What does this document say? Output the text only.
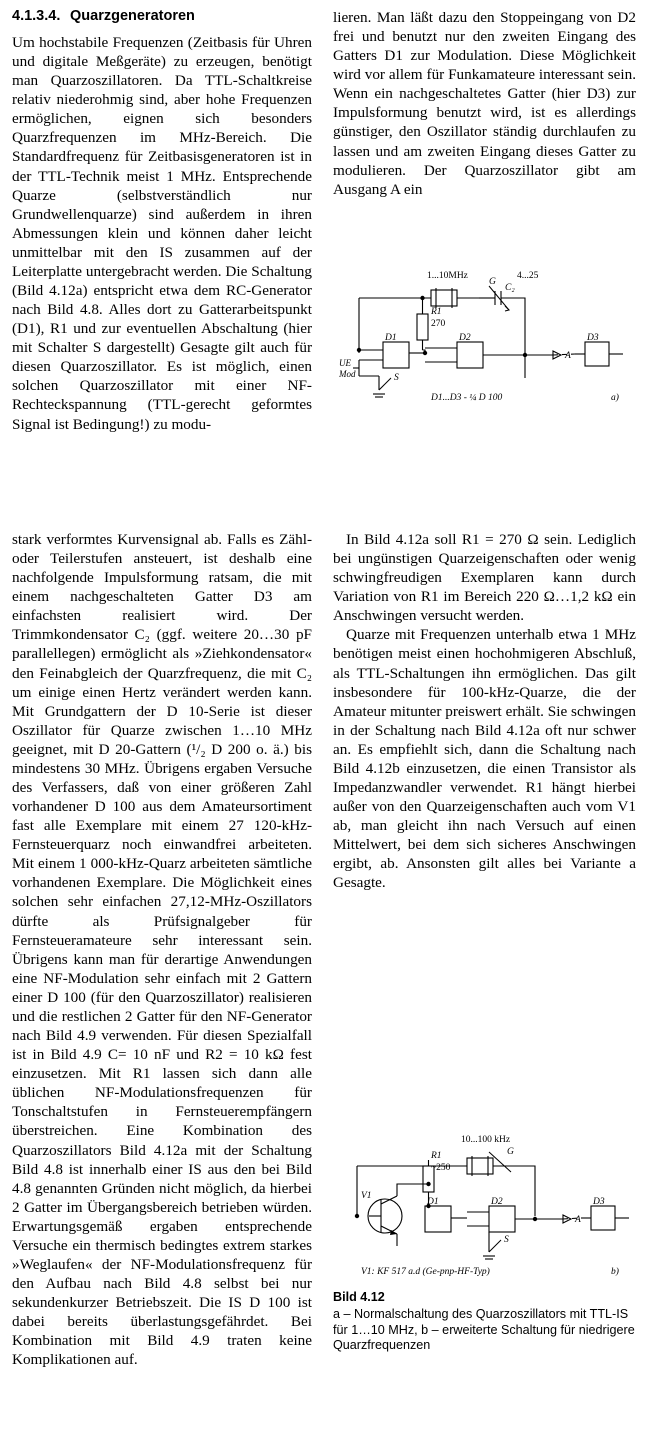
4.1.3.4. Quarzgeneratoren

Um hochstabile Frequenzen (Zeitbasis für Uhren und digitale Meßgeräte) zu erzeugen, benötigt man Quarzoszillatoren. Da TTL-Schaltkreise relativ niederohmig sind, aber hohe Frequenzen ermöglichen, eignen sich besonders Quarzfrequenzen im MHz-Bereich. Die Standardfrequenz für Zeitbasisgeneratoren ist in der TTL-Technik meist 1 MHz. Entsprechende Quarze (selbstverständlich nur Grundwellenquarze) sind außerdem in ihren Abmessungen klein und können daher leicht unmittelbar mit den IS zusammen auf der Leiterplatte untergebracht werden. Die Schaltung (Bild 4.12a) entspricht etwa dem RC-Generator nach Bild 4.8. Alles dort zu Gatterarbeitspunkt (D1), R1 und zur eventuellen Abschaltung (hier mit Schalter S dargestellt) Gesagte gilt auch für diesen Quarzoszillator. Es ist möglich, einen solchen Quarzoszillator mit einer NF-Rechteckspannung (TTL-gerecht geformtes Signal ist Bedingung!) zu modu-

lieren. Man läßt dazu den Stoppeingang von D2 frei und benutzt nur den zweiten Eingang des Gatters D1 zur Modulation. Diese Möglichkeit wird vor allem für Funkamateure interessant sein. Wenn ein nachgeschaltetes Gatter (hier D3) zur Impulsformung benutzt wird, ist es allerdings günstiger, den Oszillator ständig durchlaufen zu lassen und am zweiten Eingang dieses Gatter zu modulieren. Der Quarzoszillator gibt am Ausgang A ein

1...10MHz	4...25
G
C₂
R1
270
D1	D2	D3
UE
Mod	S
A
D1...D3 - ¼ D 100	a)

stark verformtes Kurvensignal ab. Falls es Zähl- oder Teilerstufen ansteuert, ist deshalb eine nachfolgende Impulsformung ratsam, die mit einem nachgeschalteten Gatter D3 am einfachsten realisiert wird. Der Trimmkondensator C₂ (ggf. weitere 20…30 pF parallellegen) ermöglicht als »Ziehkondensator« den Feinabgleich der Quarzfrequenz, die mit C₂ um einige einen Hertz verändert werden kann. Mit Grundgattern der D 10-Serie ist dieser Oszillator für Quarze zwischen 1…10 MHz geeignet, mit D 20-Gattern (¹/₂ D 200 o. ä.) bis mindestens 30 MHz. Übrigens ergaben Versuche des Verfassers, daß von einer größeren Zahl vorhandener D 100 aus dem Amateursortiment fast alle Exemplare mit einem 27 120-kHz-Fernsteuerquarz noch einwandfrei arbeiteten. Mit einem 1 000-kHz-Quarz arbeiteten sämtliche vorhandenen Exemplare. Die Möglichkeit eines solchen sehr einfachen 27,12-MHz-Oszillators dürfte als Prüfsignalgeber für Fernsteueramateure sehr interessant sein. Übrigens kann man für derartige Anwendungen eine NF-Modulation sehr einfach mit 2 Gattern einer D 100 (für den Quarzoszillator) realisieren und die restlichen 2 Gatter für den NF-Generator nach Bild 4.9 verwenden. Für diesen Spezialfall ist in Bild 4.9 C= 10 nF und R2 = 10 kΩ fest einzusetzen. Mit R1 lassen sich dann alle üblichen NF-Modulationsfrequenzen für Tonschaltstufen in Fernsteuerempfängern überstreichen. Eine Kombination des Quarzoszillators Bild 4.12a mit der Schaltung Bild 4.8 ist innerhalb einer IS aus den bei Bild 4.8 genannten Gründen nicht möglich, da hierbei 2 Gatter im Übergangsbereich betrieben würden. Erwartungsgemäß ergaben entsprechende Versuche ein thermisch bedingtes extrem starkes »Weglaufen« der NF-Modulationsfrequenz für den Aufbau nach Bild 4.8 selbst bei nur sekundenkurzer Betriebszeit. Die IS D 100 ist dabei bereits überlastungsgefährdet. Bei Kombination mit Bild 4.9 traten keine Komplikationen auf.

In Bild 4.12a soll R1 = 270 Ω sein. Lediglich bei ungünstigen Quarzeigenschaften oder wenig schwingfreudigen Exemplaren kann durch Variation von R1 im Bereich 220 Ω…1,2 kΩ ein Anschwingen versucht werden.

Quarze mit Frequenzen unterhalb etwa 1 MHz benötigen meist einen hochohmigeren Abschluß, als TTL-Schaltungen ihn ermöglichen. Das gilt insbesondere für 100-kHz-Quarze, die der Amateur mitunter preiswert erhält. Sie schwingen in der Schaltung nach Bild 4.12a oft nur schwer an. Es empfiehlt sich, dann die Schaltung nach Bild 4.12b einzusetzen, die einen Transistor als Impedanzwandler verwendet. R1 hängt hierbei außer von den Quarzeigenschaften auch vom V1 ab, man gleicht ihn nach Versuch auf einen Mittelwert, bei dem sich sicheres Anschwingen ergibt, ab. Ansonsten gilt alles bei Variante a Gesagte.

10...100 kHz
G
R1
~250
V1
D1	D2	D3
S
A
V1: KF 517 a.d (Ge-pnp-HF-Typ)	b)
Bild 4.12
a – Normalschaltung des Quarzoszillators mit TTL-IS für 1…10 MHz, b – erweiterte Schaltung für niedrigere Quarzfrequenzen
